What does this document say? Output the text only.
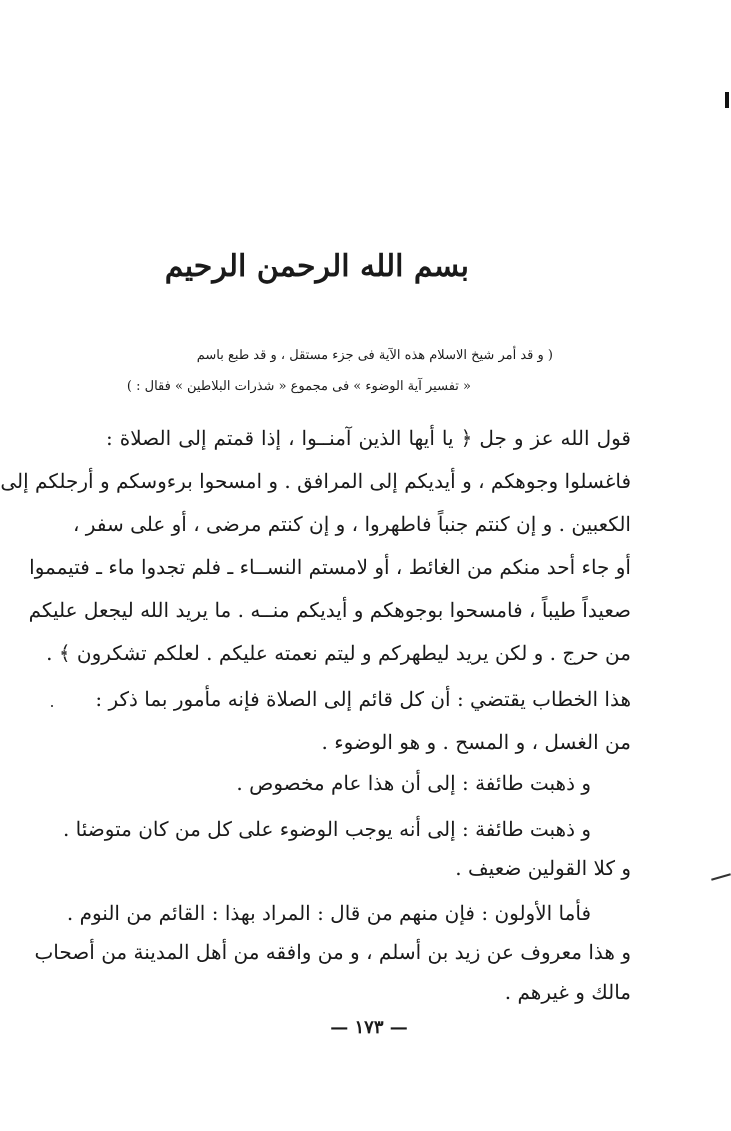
بسم الله الرحمن الرحيم
( و قد أمر شيخ الاسلام هذه الآية فى جزء مستقل ، و قد طبع باسم
« تفسير آية الوضوء » فى مجموع « شذرات البلاطين » فقال : )
قول الله عز و جل ﴿ يا أيها الذين آمنــوا ، إذا قمتم إلى الصلاة :
فاغسلوا وجوهكم ، و أيديكم إلى المرافق . و امسحوا برءوسكم و أرجلكم إلى
الكعبين . و إن كنتم جنباً فاطهروا ، و إن كنتم مرضى ، أو على سفر ،
أو جاء أحد منكم من الغائط ، أو لامستم النســاء ـ فلم تجدوا ماء ـ فتيمموا
صعيداً طيباً ، فامسحوا بوجوهكم و أيديكم منــه . ما يريد الله ليجعل عليكم
من حرج . و لكن يريد ليطهركم و ليتم نعمته عليكم . لعلكم تشكرون ﴾ .
هذا الخطاب يقتضي : أن كل قائم إلى الصلاة فإنه مأمور بما ذكر :
من الغسل ، و المسح . و هو الوضوء .
و ذهبت طائفة : إلى أن هذا عام مخصوص .
و ذهبت طائفة : إلى أنه يوجب الوضوء على كل من كان متوضئا .
و كلا القولين ضعيف .
فأما الأولون : فإن منهم من قال : المراد بهذا : القائم من النوم .
و هذا معروف عن زيد بن أسلم ، و من وافقه من أهل المدينة من أصحاب
مالك و غيرهم .
— ١٧٣ —
